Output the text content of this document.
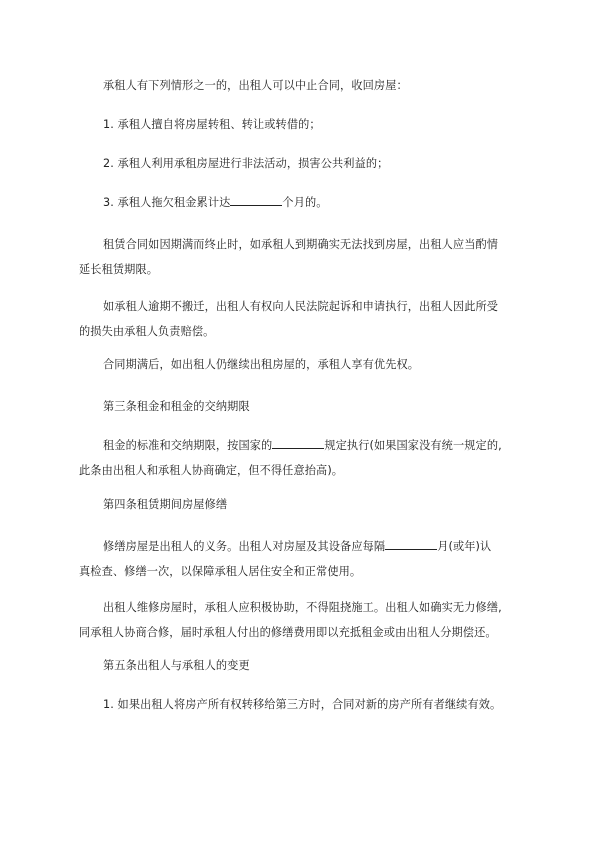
承租人有下列情形之一的，出租人可以中止合同，收回房屋：

1. 承租人擅自将房屋转租、转让或转借的；

2. 承租人利用承租房屋进行非法活动，损害公共利益的；

3. 承租人拖欠租金累计达	个月的。

租赁合同如因期满而终止时，如承租人到期确实无法找到房屋，出租人应当酌情
延长租赁期限。

如承租人逾期不搬迁，出租人有权向人民法院起诉和申请执行，出租人因此所受
的损失由承租人负责赔偿。

合同期满后，如出租人仍继续出租房屋的，承租人享有优先权。

第三条租金和租金的交纳期限

租金的标准和交纳期限，按国家的	规定执行(如果国家没有统一规定的,
此条由出租人和承租人协商确定，但不得任意抬高)。

第四条租赁期间房屋修缮

修缮房屋是出租人的义务。出租人对房屋及其设备应每隔	月(或年)认
真检查、修缮一次，以保障承租人居住安全和正常使用。

出租人维修房屋时，承租人应积极协助，不得阻挠施工。出租人如确实无力修缮,
同承租人协商合修，届时承租人付出的修缮费用即以充抵租金或由出租人分期偿还。

第五条出租人与承租人的变更

1. 如果出租人将房产所有权转移给第三方时，合同对新的房产所有者继续有效。
